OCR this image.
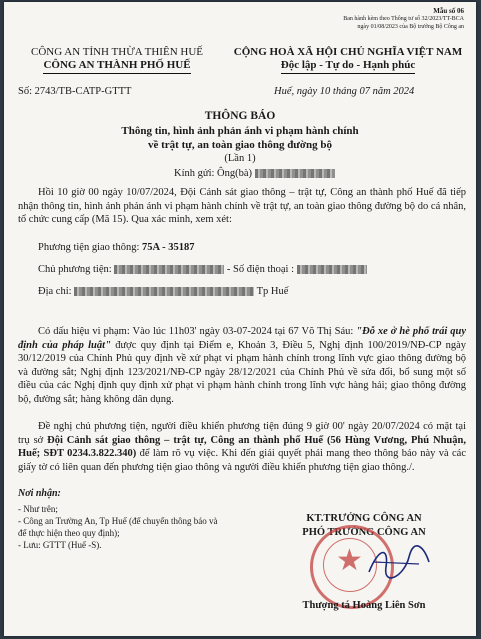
Mẫu số 06
Ban hành kèm theo Thông tư số 32/2023/TT-BCA
ngày 01/08/2023 của Bộ trưởng Bộ Công an
CÔNG AN TỈNH THỪA THIÊN HUẾ
CÔNG AN THÀNH PHỐ HUẾ
CỘNG HOÀ XÃ HỘI CHỦ NGHĨA VIỆT NAM
Độc lập - Tự do - Hạnh phúc
Số: 2743/TB-CATP-GTTT	Huế, ngày 10 tháng 07 năm 2024
THÔNG BÁO
Thông tin, hình ảnh phản ánh vi phạm hành chính
về trật tự, an toàn giao thông đường bộ
(Lần 1)
Kính gửi: Ông(bà)
Hồi 10 giờ 00 ngày 10/07/2024, Đội Cảnh sát giao thông – trật tự, Công an thành phố Huế đã tiếp nhận thông tin, hình ảnh phản ánh vi phạm hành chính về trật tự, an toàn giao thông đường bộ do cá nhân, tổ chức cung cấp (Mã 15). Qua xác minh, xem xét:
Phương tiện giao thông: 75A - 35187
Chủ phương tiện:	- Số điện thoại :
Địa chỉ:	Tp Huế
Có dấu hiệu vi phạm: Vào lúc 11h03' ngày 03-07-2024 tại 67 Võ Thị Sáu: "Đỗ xe ở hè phố trái quy định của pháp luật" được quy định tại Điểm e, Khoản 3, Điều 5, Nghị định 100/2019/NĐ-CP ngày 30/12/2019 của Chính Phủ quy định về xử phạt vi phạm hành chính trong lĩnh vực giao thông đường bộ và đường sắt; Nghị định 123/2021/NĐ-CP ngày 28/12/2021 của Chính Phủ về sửa đổi, bổ sung một số điều của các Nghị định quy định xử phạt vi phạm hành chính trong lĩnh vực hàng hải; giao thông đường bộ, đường sắt; hàng không dân dụng.
Đề nghị chủ phương tiện, người điều khiển phương tiện đúng 9 giờ 00' ngày 20/07/2024 có mặt tại trụ sở Đội Cảnh sát giao thông – trật tự, Công an thành phố Huế (56 Hùng Vương, Phú Nhuận, Huế; SĐT 0234.3.822.340) để làm rõ vụ việc. Khi đến giải quyết phải mang theo thông báo này và các giấy tờ có liên quan đến phương tiện giao thông và người điều khiển phương tiện giao thông./.
Nơi nhận:
- Như trên;
- Công an Trường An, Tp Huế (để chuyển thông báo và để thực hiện theo quy định);
- Lưu: GTTT (Huế -S).
KT.TRƯỞNG CÔNG AN
PHÓ TRƯỞNG CÔNG AN
★
Thượng tá Hoàng Liên Sơn
